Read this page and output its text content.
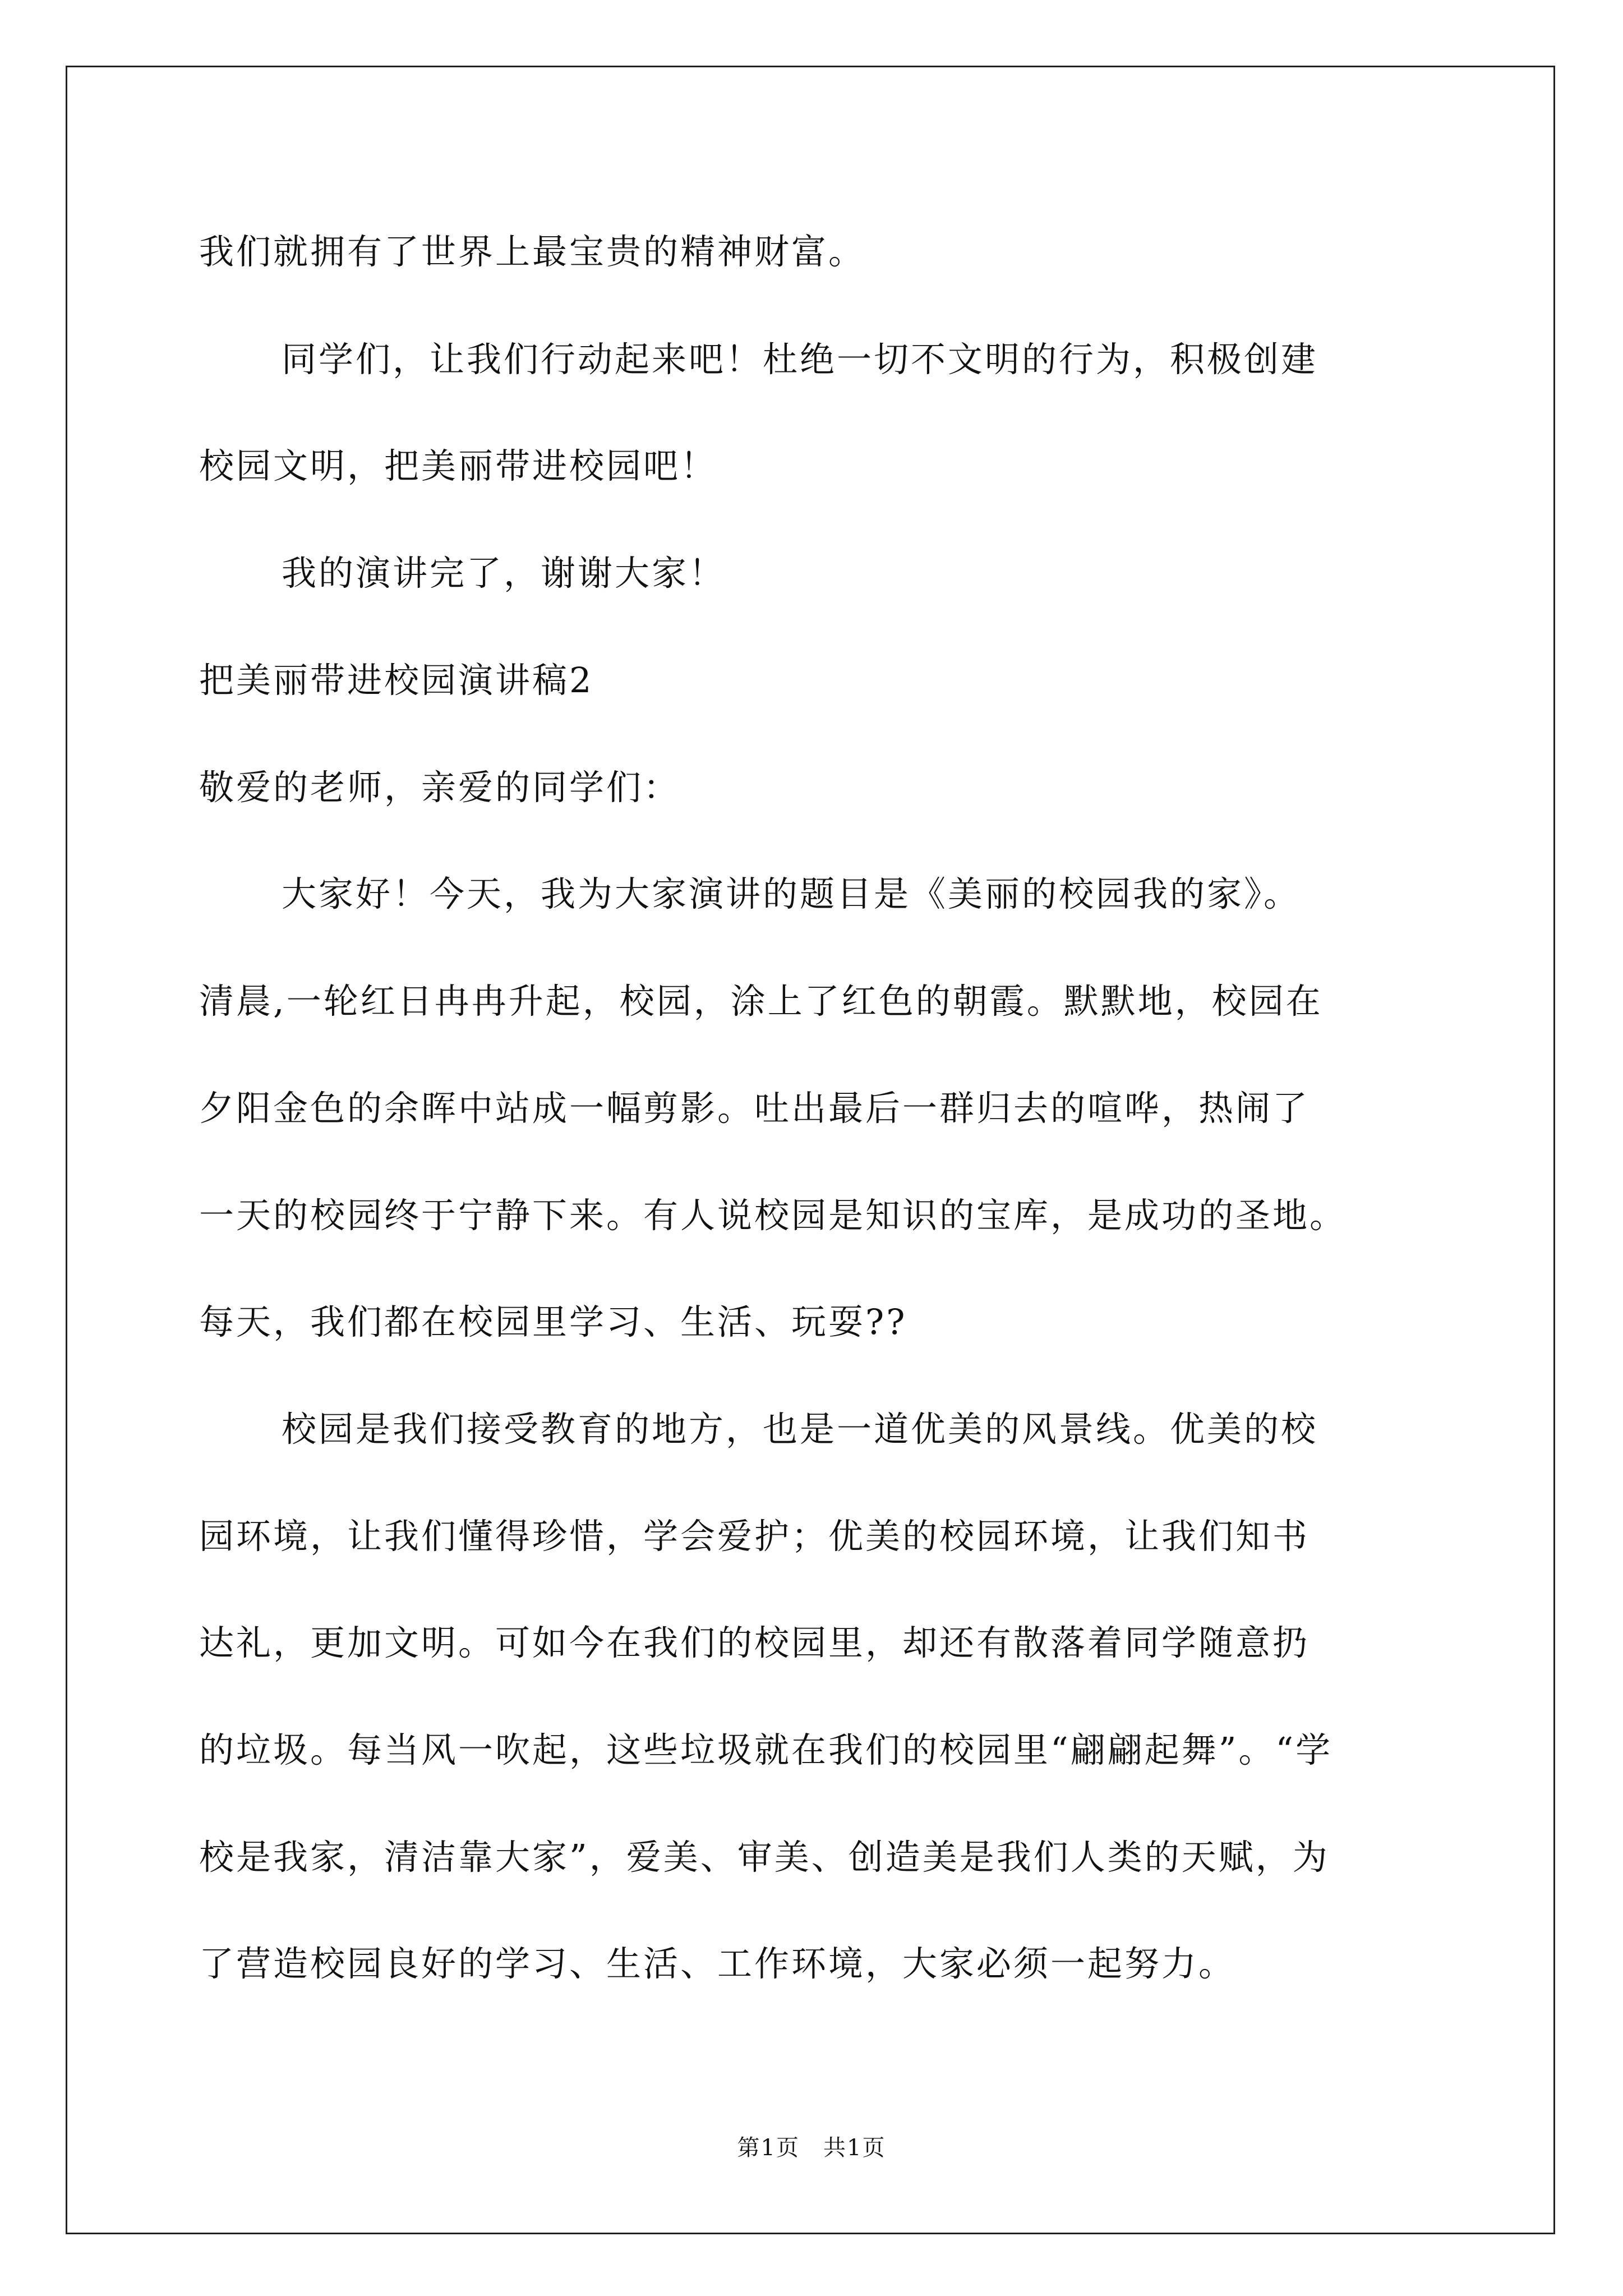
我们就拥有了世界上最宝贵的精神财富。

同学们，让我们行动起来吧！杜绝一切不文明的行为，积极创建

校园文明，把美丽带进校园吧！

我的演讲完了，谢谢大家！

把美丽带进校园演讲稿2

敬爱的老师，亲爱的同学们：

大家好！今天，我为大家演讲的题目是《美丽的校园我的家》。

清晨,一轮红日冉冉升起，校园，涂上了红色的朝霞。默默地，校园在

夕阳金色的余晖中站成一幅剪影。吐出最后一群归去的喧哗，热闹了

一天的校园终于宁静下来。有人说校园是知识的宝库，是成功的圣地。

每天，我们都在校园里学习、生活、玩耍??

校园是我们接受教育的地方，也是一道优美的风景线。优美的校

园环境，让我们懂得珍惜，学会爱护；优美的校园环境，让我们知书

达礼，更加文明。可如今在我们的校园里，却还有散落着同学随意扔

的垃圾。每当风一吹起，这些垃圾就在我们的校园里“翩翩起舞”。“学

校是我家，清洁靠大家”，爱美、审美、创造美是我们人类的天赋，为

了营造校园良好的学习、生活、工作环境，大家必须一起努力。

第1页　共1页
